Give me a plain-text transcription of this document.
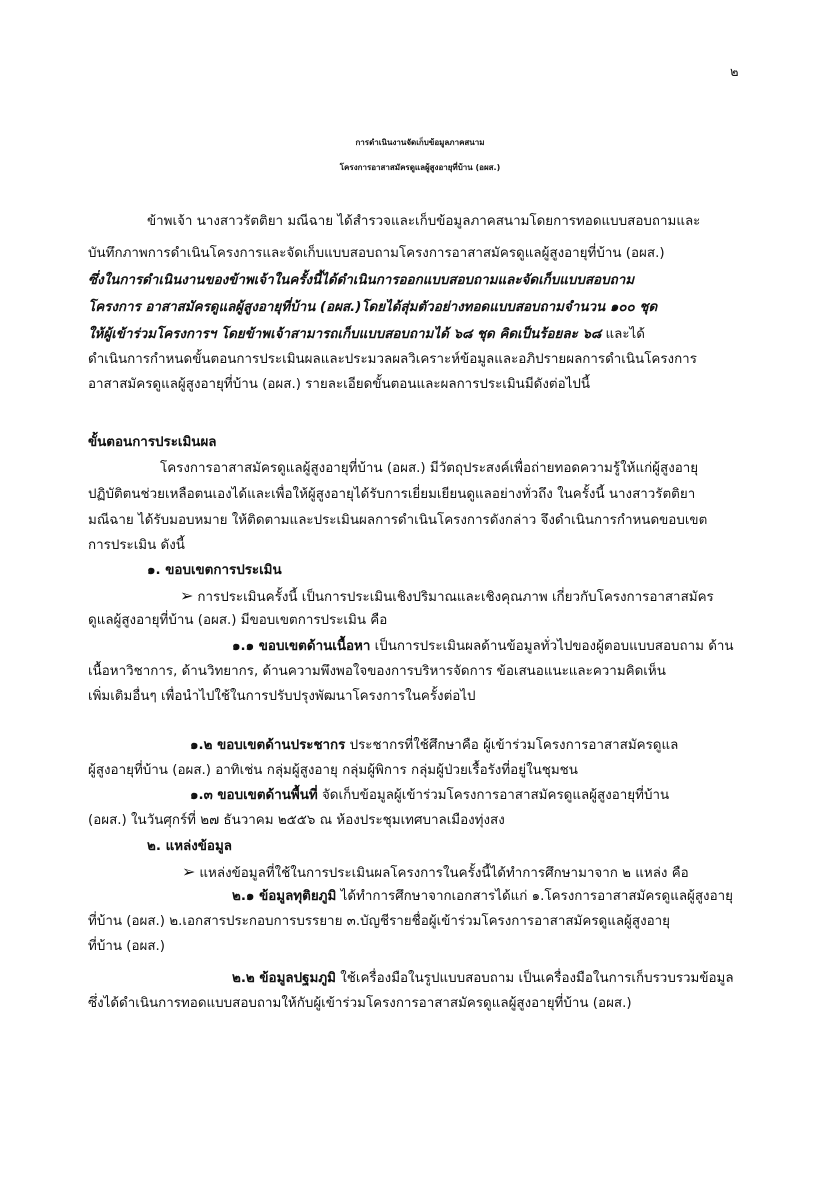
๒
การดำเนินงานจัดเก็บข้อมูลภาคสนาม
โครงการอาสาสมัครดูแลผู้สูงอายุที่บ้าน (อผส.)
ข้าพเจ้า นางสาวรัตติยา มณีฉาย ได้สำรวจและเก็บข้อมูลภาคสนามโดยการทอดแบบสอบถามและ
บันทึกภาพการดำเนินโครงการและจัดเก็บแบบสอบถามโครงการอาสาสมัครดูแลผู้สูงอายุที่บ้าน (อผส.)
ซึ่งในการดำเนินงานของข้าพเจ้าในครั้งนี้ได้ดำเนินการออกแบบสอบถามและจัดเก็บแบบสอบถาม
โครงการ อาสาสมัครดูแลผู้สูงอายุที่บ้าน (อผส.)โดยได้สุ่มตัวอย่างทอดแบบสอบถามจำนวน ๑๐๐ ชุด
ให้ผู้เข้าร่วมโครงการฯ โดยข้าพเจ้าสามารถเก็บแบบสอบถามได้ ๖๘ ชุด คิดเป็นร้อยละ ๖๘ และได้
ดำเนินการกำหนดขั้นตอนการประเมินผลและประมวลผลวิเคราะห์ข้อมูลและอภิปรายผลการดำเนินโครงการ
อาสาสมัครดูแลผู้สูงอายุที่บ้าน (อผส.) รายละเอียดขั้นตอนและผลการประเมินมีดังต่อไปนี้
ขั้นตอนการประเมินผล
โครงการอาสาสมัครดูแลผู้สูงอายุที่บ้าน (อผส.) มีวัตถุประสงค์เพื่อถ่ายทอดความรู้ให้แก่ผู้สูงอายุ
ปฏิบัติตนช่วยเหลือตนเองได้และเพื่อให้ผู้สูงอายุได้รับการเยี่ยมเยียนดูแลอย่างทั่วถึง ในครั้งนี้ นางสาวรัตติยา
มณีฉาย ได้รับมอบหมาย ให้ติดตามและประเมินผลการดำเนินโครงการดังกล่าว จึงดำเนินการกำหนดขอบเขต
การประเมิน ดังนี้
๑. ขอบเขตการประเมิน
➢ การประเมินครั้งนี้ เป็นการประเมินเชิงปริมาณและเชิงคุณภาพ เกี่ยวกับโครงการอาสาสมัคร
ดูแลผู้สูงอายุที่บ้าน (อผส.) มีขอบเขตการประเมิน คือ
๑.๑ ขอบเขตด้านเนื้อหา เป็นการประเมินผลด้านข้อมูลทั่วไปของผู้ตอบแบบสอบถาม ด้าน
เนื้อหาวิชาการ, ด้านวิทยากร, ด้านความพึงพอใจของการบริหารจัดการ ข้อเสนอแนะและความคิดเห็น
เพิ่มเติมอื่นๆ เพื่อนำไปใช้ในการปรับปรุงพัฒนาโครงการในครั้งต่อไป
๑.๒ ขอบเขตด้านประชากร ประชากรที่ใช้ศึกษาคือ ผู้เข้าร่วมโครงการอาสาสมัครดูแล
ผู้สูงอายุที่บ้าน (อผส.) อาทิเช่น กลุ่มผู้สูงอายุ กลุ่มผู้พิการ กลุ่มผู้ป่วยเรื้อรังที่อยู่ในชุมชน
๑.๓ ขอบเขตด้านพื้นที่ จัดเก็บข้อมูลผู้เข้าร่วมโครงการอาสาสมัครดูแลผู้สูงอายุที่บ้าน
(อผส.) ในวันศุกร์ที่ ๒๗ ธันวาคม ๒๕๕๖ ณ ห้องประชุมเทศบาลเมืองทุ่งสง
๒. แหล่งข้อมูล
➢ แหล่งข้อมูลที่ใช้ในการประเมินผลโครงการในครั้งนี้ได้ทำการศึกษามาจาก ๒ แหล่ง คือ
๒.๑ ข้อมูลทุติยภูมิ ได้ทำการศึกษาจากเอกสารได้แก่ ๑.โครงการอาสาสมัครดูแลผู้สูงอายุ
ที่บ้าน (อผส.) ๒.เอกสารประกอบการบรรยาย ๓.บัญชีรายชื่อผู้เข้าร่วมโครงการอาสาสมัครดูแลผู้สูงอายุ
ที่บ้าน (อผส.)
๒.๒ ข้อมูลปฐมภูมิ ใช้เครื่องมือในรูปแบบสอบถาม เป็นเครื่องมือในการเก็บรวบรวมข้อมูล
ซึ่งได้ดำเนินการทอดแบบสอบถามให้กับผู้เข้าร่วมโครงการอาสาสมัครดูแลผู้สูงอายุที่บ้าน (อผส.)
